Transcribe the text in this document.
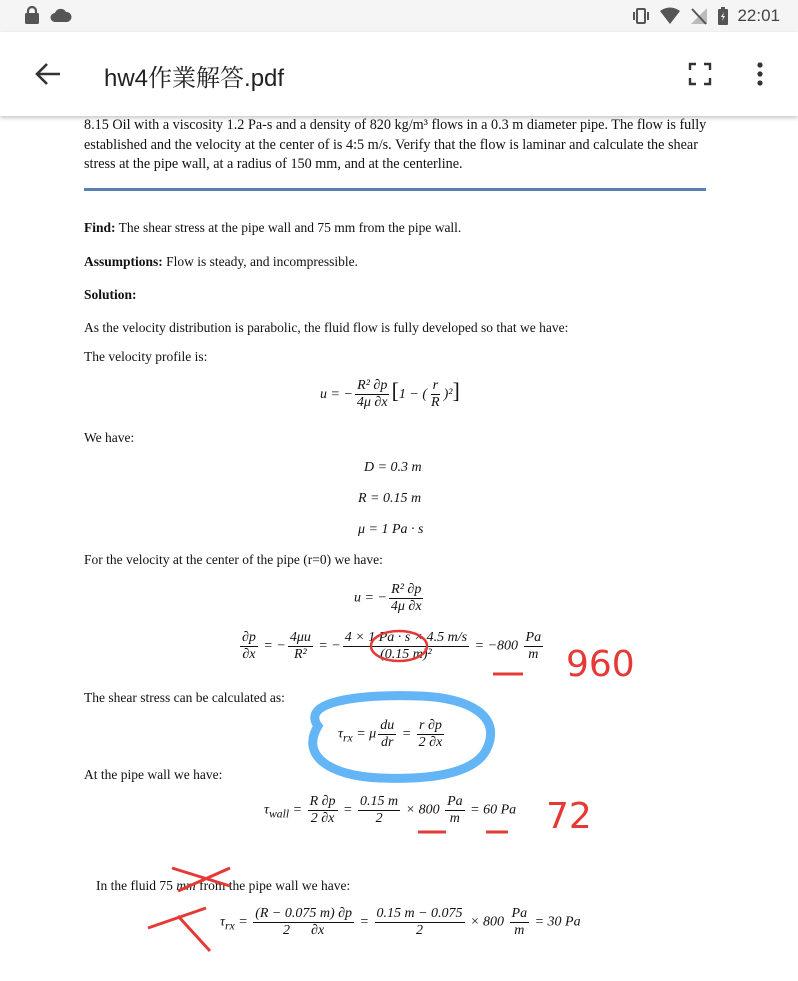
22:01
hw4作業解答.pdf
8.15 Oil with a viscosity 1.2 Pa-s and a density of 820 kg/m³ flows in a 0.3 m diameter pipe. The flow is fully established and the velocity at the center of is 4:5 m/s. Verify that the flow is laminar and calculate the shear stress at the pipe wall, at a radius of 150 mm, and at the centerline.
Find: The shear stress at the pipe wall and 75 mm from the pipe wall.
Assumptions: Flow is steady, and incompressible.
Solution:
As the velocity distribution is parabolic, the fluid flow is fully developed so that we have:
The velocity profile is:
u = − $\frac{\text{R² ∂p}}{4\mu \partial x} [1$ − ( $\frac{r}{R} )^2$]
We have:
D = 0.3 m
R = 0.15 m
μ = 1 Pa · s
For the velocity at the center of the pipe (r=0) we have:
u = − $\frac{\text{R² ∂p}}{4\mu \partial x}$
$\frac{\partial p}{\partial x}$ = − $\frac{4\mu u}{\text{R²}}$ = − $\frac{4 \times 1 Pa \cdot s \times 4.5 m/s}{\text{(0.15 m)²}} = -800 \frac{Pa}{m}$
The shear stress can be calculated as:
$\tau_{rx} = \mu \frac{du}{dr} = \frac{r \partial p}{2 \partial x}$
At the pipe wall we have:
$\tau_{wall} = \frac{R \partial p}{2 \partial x} = \frac{0.15 m}{2} \times 800 \frac{Pa}{m} = 60$ Pa
In the fluid 75 mm from the pipe wall we have:
$\tau_{rx} = \frac{(R - 0.075 m) \partial p}{2 \partial x} = \frac{0.15 m - 0.075}{2} \times 800 \frac{Pa}{m} = 30$ Pa
960
72
